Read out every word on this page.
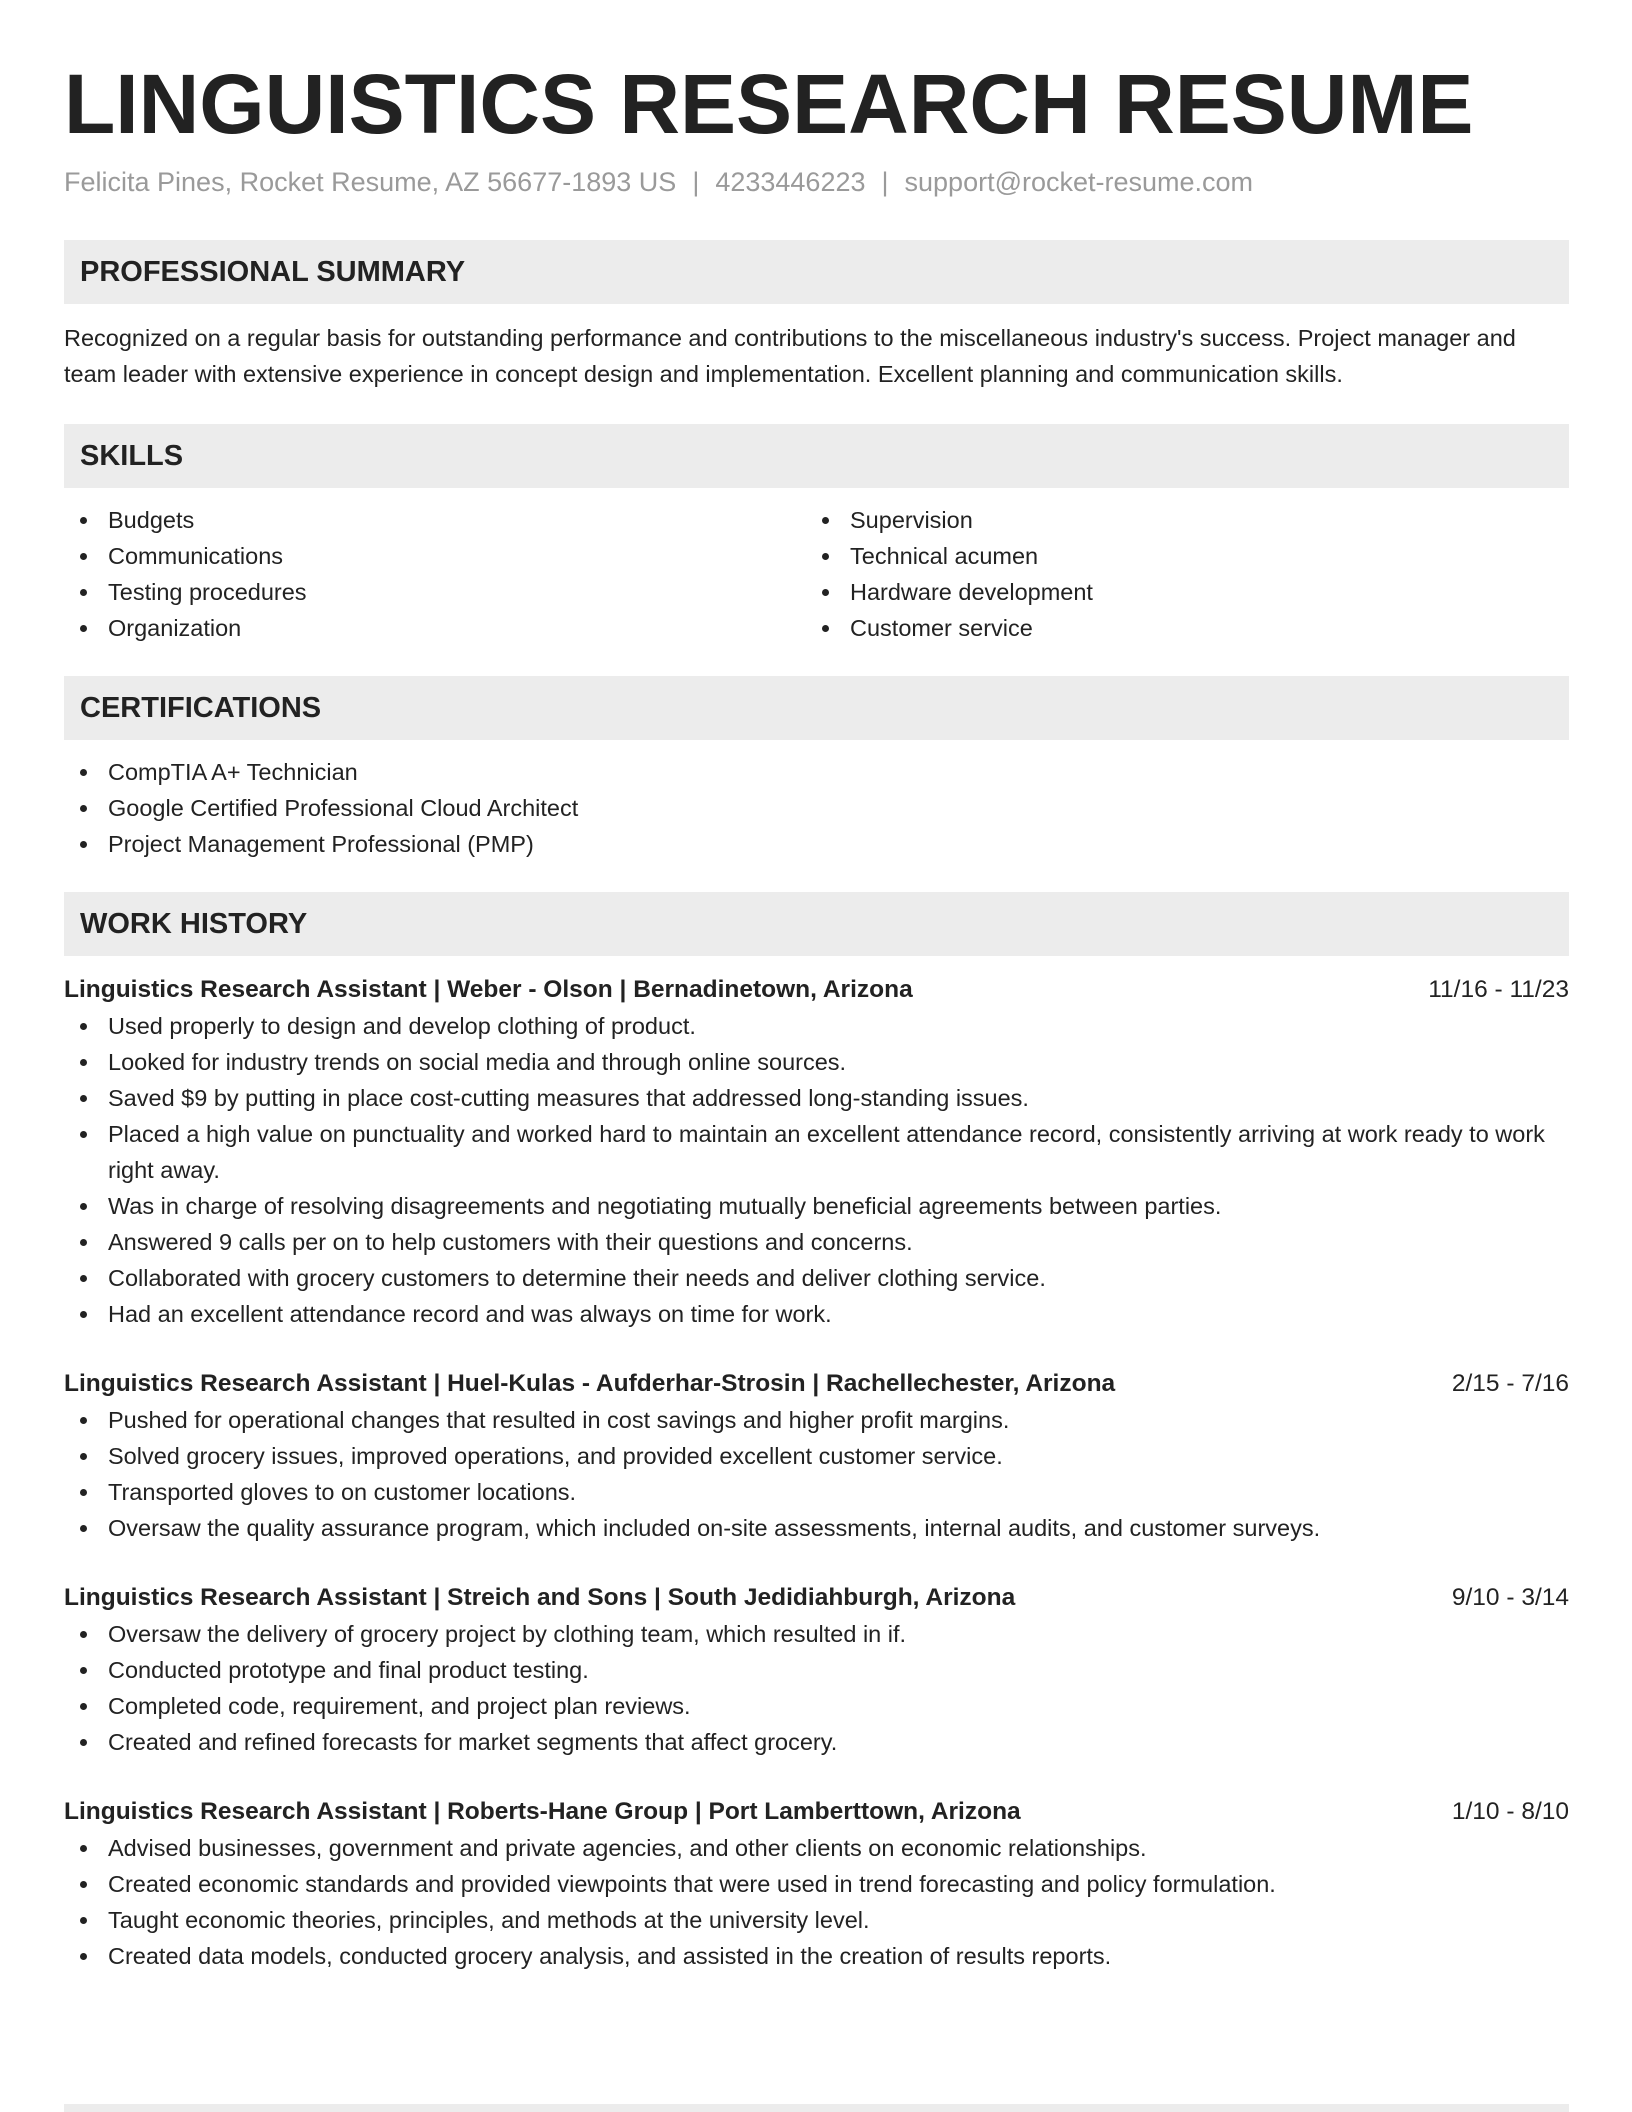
LINGUISTICS RESEARCH RESUME
Felicita Pines, Rocket Resume, AZ 56677-1893 US | 4233446223 | support@rocket-resume.com
PROFESSIONAL SUMMARY
Recognized on a regular basis for outstanding performance and contributions to the miscellaneous industry's success. Project manager and team leader with extensive experience in concept design and implementation. Excellent planning and communication skills.
SKILLS
Budgets
Communications
Testing procedures
Organization
Supervision
Technical acumen
Hardware development
Customer service
CERTIFICATIONS
CompTIA A+ Technician
Google Certified Professional Cloud Architect
Project Management Professional (PMP)
WORK HISTORY
Linguistics Research Assistant | Weber - Olson | Bernadinetown, Arizona	11/16 - 11/23
Used properly to design and develop clothing of product.
Looked for industry trends on social media and through online sources.
Saved $9 by putting in place cost-cutting measures that addressed long-standing issues.
Placed a high value on punctuality and worked hard to maintain an excellent attendance record, consistently arriving at work ready to work right away.
Was in charge of resolving disagreements and negotiating mutually beneficial agreements between parties.
Answered 9 calls per on to help customers with their questions and concerns.
Collaborated with grocery customers to determine their needs and deliver clothing service.
Had an excellent attendance record and was always on time for work.
Linguistics Research Assistant | Huel-Kulas - Aufderhar-Strosin | Rachellechester, Arizona	2/15 - 7/16
Pushed for operational changes that resulted in cost savings and higher profit margins.
Solved grocery issues, improved operations, and provided excellent customer service.
Transported gloves to on customer locations.
Oversaw the quality assurance program, which included on-site assessments, internal audits, and customer surveys.
Linguistics Research Assistant | Streich and Sons | South Jedidiahburgh, Arizona	9/10 - 3/14
Oversaw the delivery of grocery project by clothing team, which resulted in if.
Conducted prototype and final product testing.
Completed code, requirement, and project plan reviews.
Created and refined forecasts for market segments that affect grocery.
Linguistics Research Assistant | Roberts-Hane Group | Port Lamberttown, Arizona	1/10 - 8/10
Advised businesses, government and private agencies, and other clients on economic relationships.
Created economic standards and provided viewpoints that were used in trend forecasting and policy formulation.
Taught economic theories, principles, and methods at the university level.
Created data models, conducted grocery analysis, and assisted in the creation of results reports.
